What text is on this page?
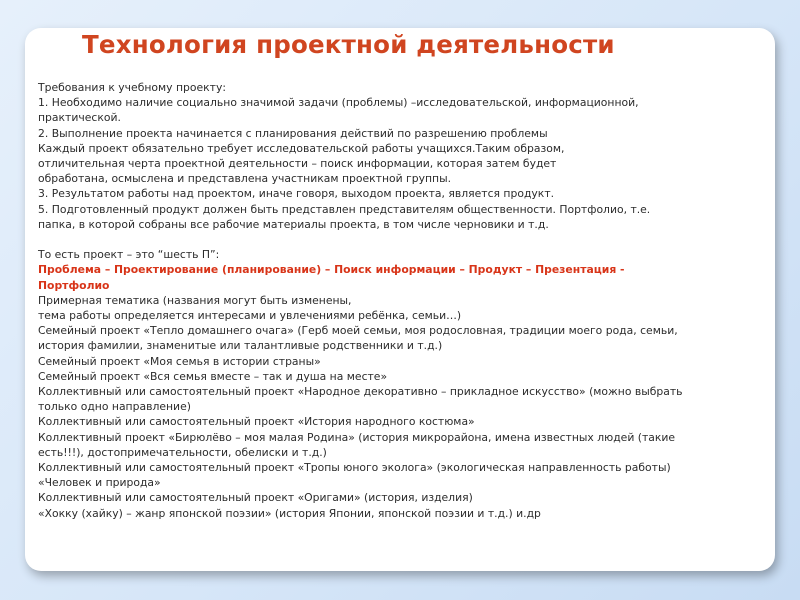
Технология проектной деятельности
Требования к учебному проекту:
1. Необходимо наличие социально значимой задачи (проблемы) –исследовательской, информационной,
практической.
2. Выполнение проекта начинается с планирования действий по разрешению проблемы
Каждый проект обязательно требует исследовательской работы учащихся.Таким образом,
отличительная черта проектной деятельности – поиск информации, которая затем будет
обработана, осмыслена и представлена участникам проектной группы.
3. Результатом работы над проектом, иначе говоря, выходом проекта, является продукт.
5. Подготовленный продукт должен быть представлен представителям общественности. Портфолио, т.е.
папка, в которой собраны все рабочие материалы проекта, в том числе черновики и т.д.
То есть проект – это “шесть П”:
Проблема – Проектирование (планирование) – Поиск информации – Продукт – Презентация -
Портфолио
Примерная тематика (названия могут быть изменены,
тема работы определяется интересами и увлечениями ребёнка, семьи…)
Семейный проект «Тепло домашнего очага» (Герб моей семьи, моя родословная, традиции моего рода, семьи,
история фамилии, знаменитые или талантливые родственники и т.д.)
Семейный проект «Моя семья в истории страны»
Семейный проект «Вся семья вместе – так и душа на месте»
Коллективный или самостоятельный проект «Народное декоративно – прикладное искусство» (можно выбрать
только одно направление)
Коллективный или самостоятельный проект «История народного костюма»
Коллективный проект «Бирюлёво – моя малая Родина» (история микрорайона, имена известных людей (такие
есть!!!), достопримечательности, обелиски и т.д.)
Коллективный или самостоятельный проект «Тропы юного эколога» (экологическая направленность работы)
«Человек и природа»
Коллективный или самостоятельный проект «Оригами» (история, изделия)
«Хокку (хайку) – жанр японской поэзии» (история Японии, японской поэзии и т.д.) и.др
